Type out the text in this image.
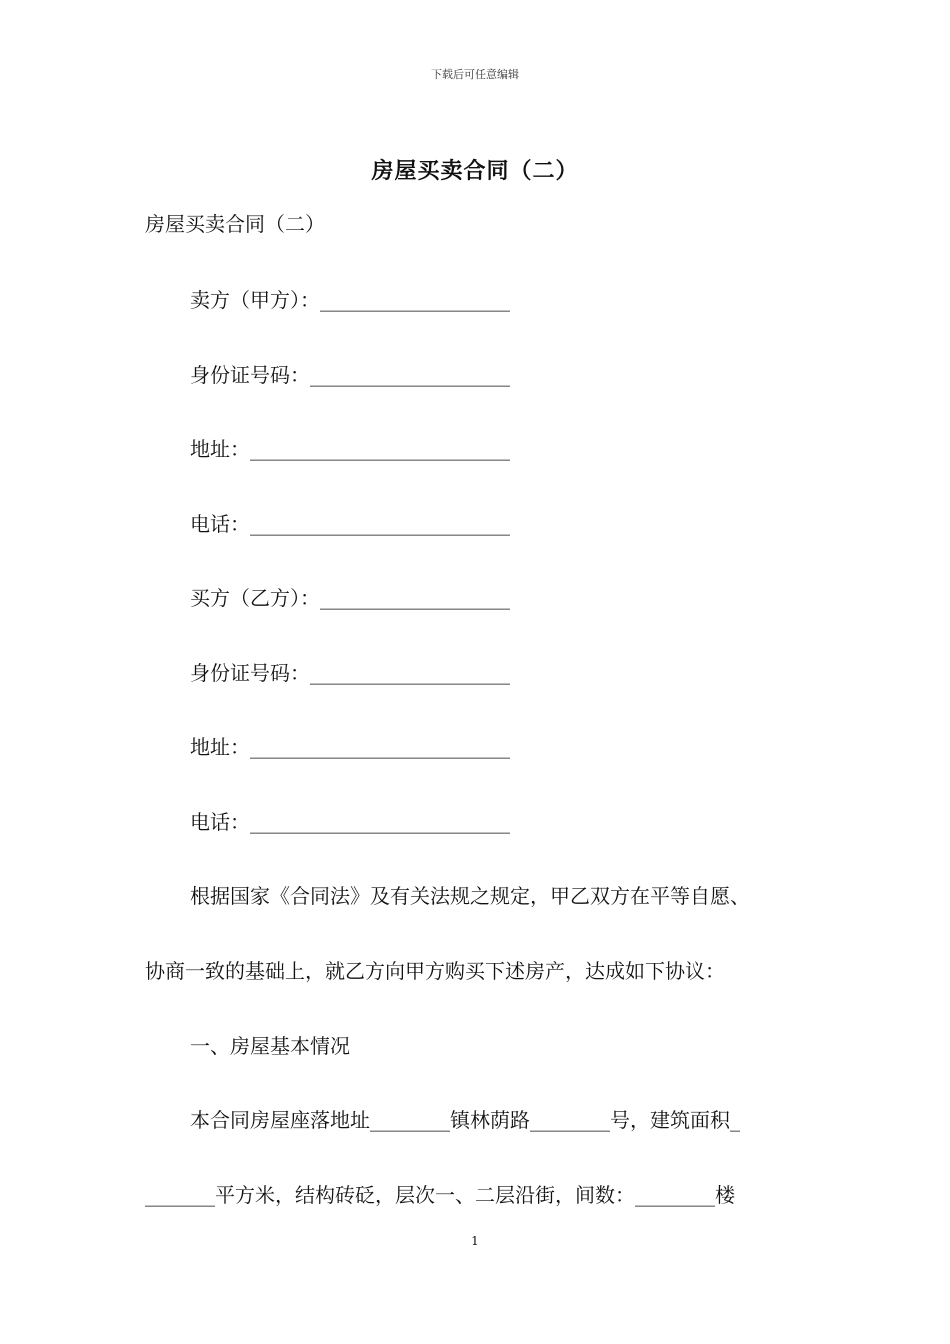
下载后可任意编辑
房屋买卖合同（二）
房屋买卖合同（二）
卖方（甲方）：___________________
身份证号码：____________________
地址：__________________________
电话：__________________________
买方（乙方）：___________________
身份证号码：____________________
地址：__________________________
电话：__________________________
根据国家《合同法》及有关法规之规定，甲乙双方在平等自愿、
协商一致的基础上，就乙方向甲方购买下述房产，达成如下协议：
一、房屋基本情况
本合同房屋座落地址________镇林荫路________号，建筑面积_
_______平方米，结构砖砭，层次一、二层沿街，间数：________楼
1
